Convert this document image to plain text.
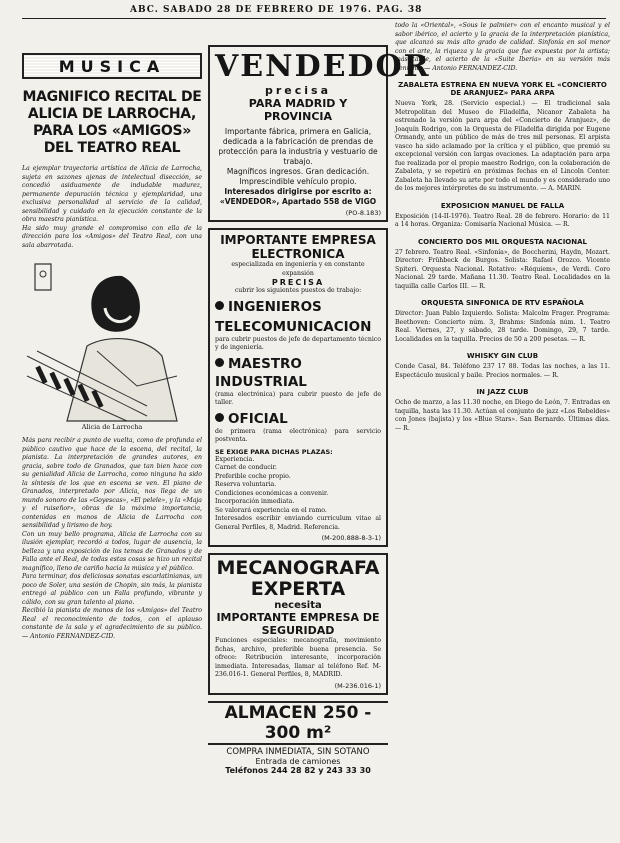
ABC. SABADO 28 DE FEBRERO DE 1976. PAG. 38
MUSICA
MAGNIFICO RECITAL DE ALICIA DE LARROCHA, PARA LOS «AMIGOS» DEL TEATRO REAL

La ejemplar trayectoria artística de Alicia de Larrocha, sujeta en sazones ajenas de intelectual disección, se concedió asiduamente de indudable madurez, permanente depuración técnica y ejemplaridad, una exclusiva personalidad al servicio de la calidad, sensibilidad y cuidado en la ejecución constante de la obra maestra pianística.

Ha sido muy grande el compromiso con ella de la dirección para los «Amigos» del Teatro Real, con una sala abarrotada.

Alicia de Larrocha

Más para recibir a punto de vuelta, como de profunda el público cautivo que hace de la escena, del recital, la pianista. La interpretación de grandes autores, en gracia, sobre todo de Granados, que tan bien hace con su genialidad Alicia de Larrocha, como ninguna ha sido la síntesis de los que en escena se ven. El piano de Granados, interpretado por Alicia, nos llega de un mundo sonoro de las «Goyescas», «El pelele», y la «Maja y el ruiseñor», obras de la máxima importancia, contenidas en manos de Alicia de Larrocha con sensibilidad y lirismo de hoy.

Con un muy bello programa, Alicia de Larrocha con su ilusión ejemplar, recordó a todos, lugar de ausencia, la belleza y una exposición de los temas de Granados y de Falla ante el Real, de todas estas cosas se hizo un recital magnífico, lleno de cariño hacia la música y el público.

Para terminar, dos deliciosas sonatas escarlatinianas, un poco de Soler, una sesión de Chopin, sin más, la pianista entregó al público con un Falla profundo, vibrante y cálido, con su gran talento al piano.

Recibió la pianista de manos de los «Amigos» del Teatro Real el reconocimiento de todos, con el aplauso constante de la sala y el agradecimiento de su público. — Antonio FERNANDEZ-CID.

VENDEDOR
precisa
PARA MADRID Y PROVINCIA
Importante fábrica, primera en Galicia, dedicada a la fabricación de prendas de protección para la industria y vestuario de trabajo.
Magníficos ingresos. Gran dedicación.
Imprescindible vehículo propio.
Interesados dirigirse por escrito a: «VENDEDOR», Apartado 558 de VIGO
(PO-8.183)
IMPORTANTE EMPRESA ELECTRONICA
especializada en ingeniería y en constante expansión
PRECISA
cubrir los siguientes puestos de trabajo:
INGENIEROS
TELECOMUNICACION
para cubrir puestos de jefe de departamento técnico y de ingeniería.
MAESTRO INDUSTRIAL
(rama electrónica) para cubrir puesto de jefe de taller.
OFICIAL
de primera (rama electrónica) para servicio postventa.
SE EXIGE PARA DICHAS PLAZAS:
Experiencia.
Carnet de conducir.
Preferible coche propio.
Reserva voluntaria.
Condiciones económicas a convenir.
Incorporación inmediata.
Se valorará experiencia en el ramo.
Interesados escribir enviando curriculum vitae al General Perfiles, 8, Madrid. Referencia.
(M-200.888-8-3-1)
MECANOGRAFA EXPERTA
necesita
IMPORTANTE EMPRESA DE SEGURIDAD
Funciones especiales: mecanografía, movimiento fichas, archivo, preferible buena presencia. Se ofrece: Retribución interesante, incorporación inmediata. Interesadas, llamar al teléfono Ref. M-236.016-1. General Perfiles, 8, MADRID.
(M-236.016-1)
ALMACEN 250 - 300 m²
COMPRA INMEDIATA, SIN SOTANO
Entrada de camiones
Teléfonos 244 28 82 y 243 33 30

todo la «Oriental», «Sous le palmier» con el encanto musical y el sabor ibérico, el acierto y la gracia de la interpretación pianística, que alcanzó su más alto grado de calidad. Sinfonía en sol menor con el arte, la riqueza y la gracia que fue expuesta por la artista; más tarde, el acierto de la «Suite Iberia» en su versión más genuina. — Antonio FERNANDEZ-CID.

ZABALETA ESTRENA EN NUEVA YORK EL «CONCIERTO DE ARANJUEZ» PARA ARPA

Nueva York, 28. (Servicio especial.) — El tradicional sala Metropolitan del Museo de Filadelfia, Nicanor Zabaleta ha estrenado la versión para arpa del «Concierto de Aranjuez», de Joaquín Rodrigo, con la Orquesta de Filadelfia dirigida por Eugene Ormandy, ante un público de más de tres mil personas. El arpista vasco ha sido aclamado por la crítica y el público, que premió su excepcional versión con largas ovaciones. La adaptación para arpa fue realizada por el propio maestro Rodrigo, con la colaboración de Zabaleta, y se repetirá en próximas fechas en el Lincoln Center. Zabaleta ha llevado su arte por todo el mundo y es considerado uno de los mejores intérpretes de su instrumento. — A. MARIN.

EXPOSICION MANUEL DE FALLA

Exposición (14-II-1976). Teatro Real. 28 de febrero. Horario: de 11 a 14 horas. Organiza: Comisaría Nacional Música. — R.

CONCIERTO DOS MIL ORQUESTA NACIONAL

27 febrero. Teatro Real. «Sinfonía», de Boccherini, Haydn, Mozart. Director: Frühbeck de Burgos. Solista: Rafael Orozco. Vicente Spiteri. Orquesta Nacional. Rotativo: «Réquiem», de Verdi. Coro Nacional. 29 tarde. Mañana 11.30. Teatro Real. Localidades en la taquilla calle Carlos III. — R.

ORQUESTA SINFONICA DE RTV ESPAÑOLA

Director: Juan Pablo Izquierdo. Solista: Malcolm Frager. Programa: Beethoven: Concierto núm. 3, Brahms: Sinfonía núm. 1. Teatro Real. Viernes, 27, y sábado, 28 tarde. Domingo, 29, 7 tarde. Localidades en la taquilla. Precios de 50 a 200 pesetas. — R.

WHISKY GIN CLUB

Conde Casal, 84. Teléfono 237 17 88. Todas las noches, a las 11. Espectáculo musical y baile. Precios normales. — R.

IN JAZZ CLUB

Ocho de marzo, a las 11.30 noche, en Diego de León, 7. Entradas en taquilla, hasta las 11.30. Actúan el conjunto de jazz «Los Rebeldes» con Jones (bajista) y los «Blue Stars». San Bernardo. Últimas días. — R.
